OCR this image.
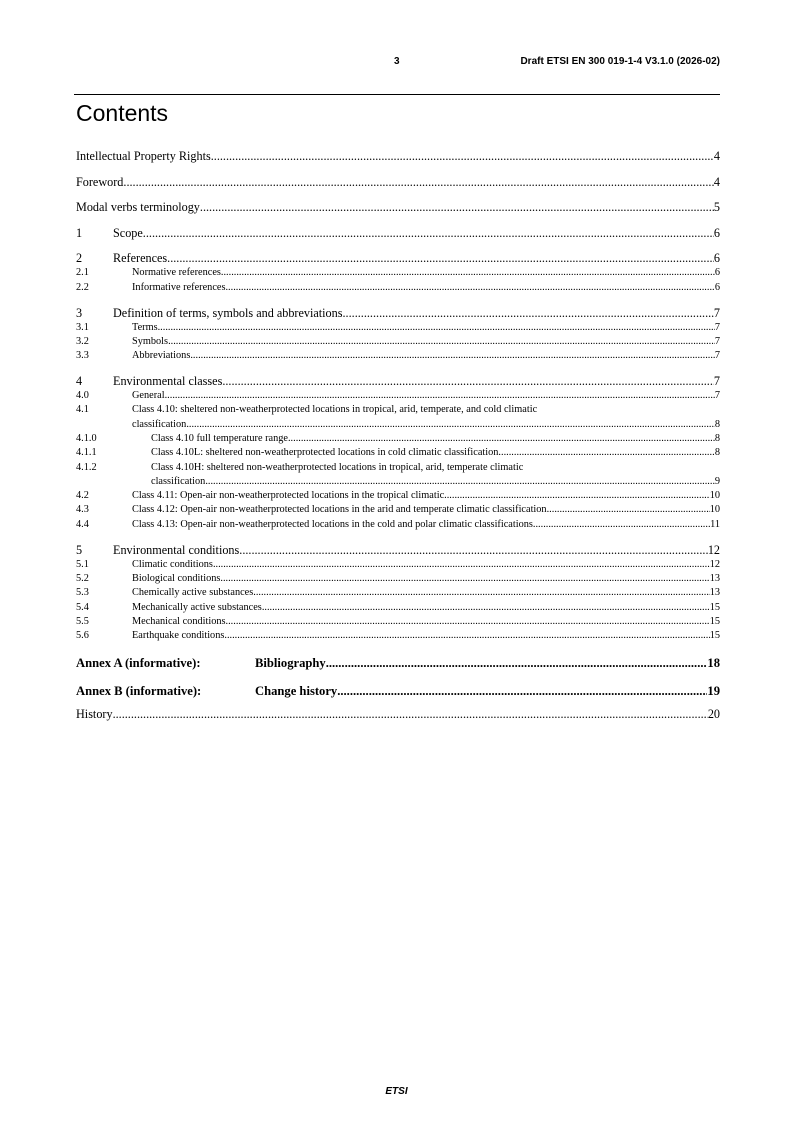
3	Draft ETSI EN 300 019-1-4 V3.1.0 (2026-02)
Contents
Intellectual Property Rights .....	4
Foreword .....	4
Modal verbs terminology .....	5
1	Scope .....	6
2	References .....	6
2.1	Normative references .....	6
2.2	Informative references .....	6
3	Definition of terms, symbols and abbreviations .....	7
3.1	Terms .....	7
3.2	Symbols .....	7
3.3	Abbreviations .....	7
4	Environmental classes .....	7
4.0	General .....	7
4.1	Class 4.10: sheltered non-weatherprotected locations in tropical, arid, temperate, and cold climatic
classification .....	8
4.1.0	Class 4.10 full temperature range .....	8
4.1.1	Class 4.10L: sheltered non-weatherprotected locations in cold climatic classification .....	8
4.1.2	Class 4.10H: sheltered non-weatherprotected locations in tropical, arid, temperate climatic
classification .....	9
4.2	Class 4.11: Open-air non-weatherprotected locations in the tropical climatic .....	10
4.3	Class 4.12: Open-air non-weatherprotected locations in the arid and temperate climatic classification .....	10
4.4	Class 4.13: Open-air non-weatherprotected locations in the cold and polar climatic classifications .....	11
5	Environmental conditions .....	12
5.1	Climatic conditions .....	12
5.2	Biological conditions .....	13
5.3	Chemically active substances .....	13
5.4	Mechanically active substances .....	15
5.5	Mechanical conditions .....	15
5.6	Earthquake conditions .....	15
Annex A (informative):	Bibliography .....	18
Annex B (informative):	Change history .....	19
History .....	20
ETSI
